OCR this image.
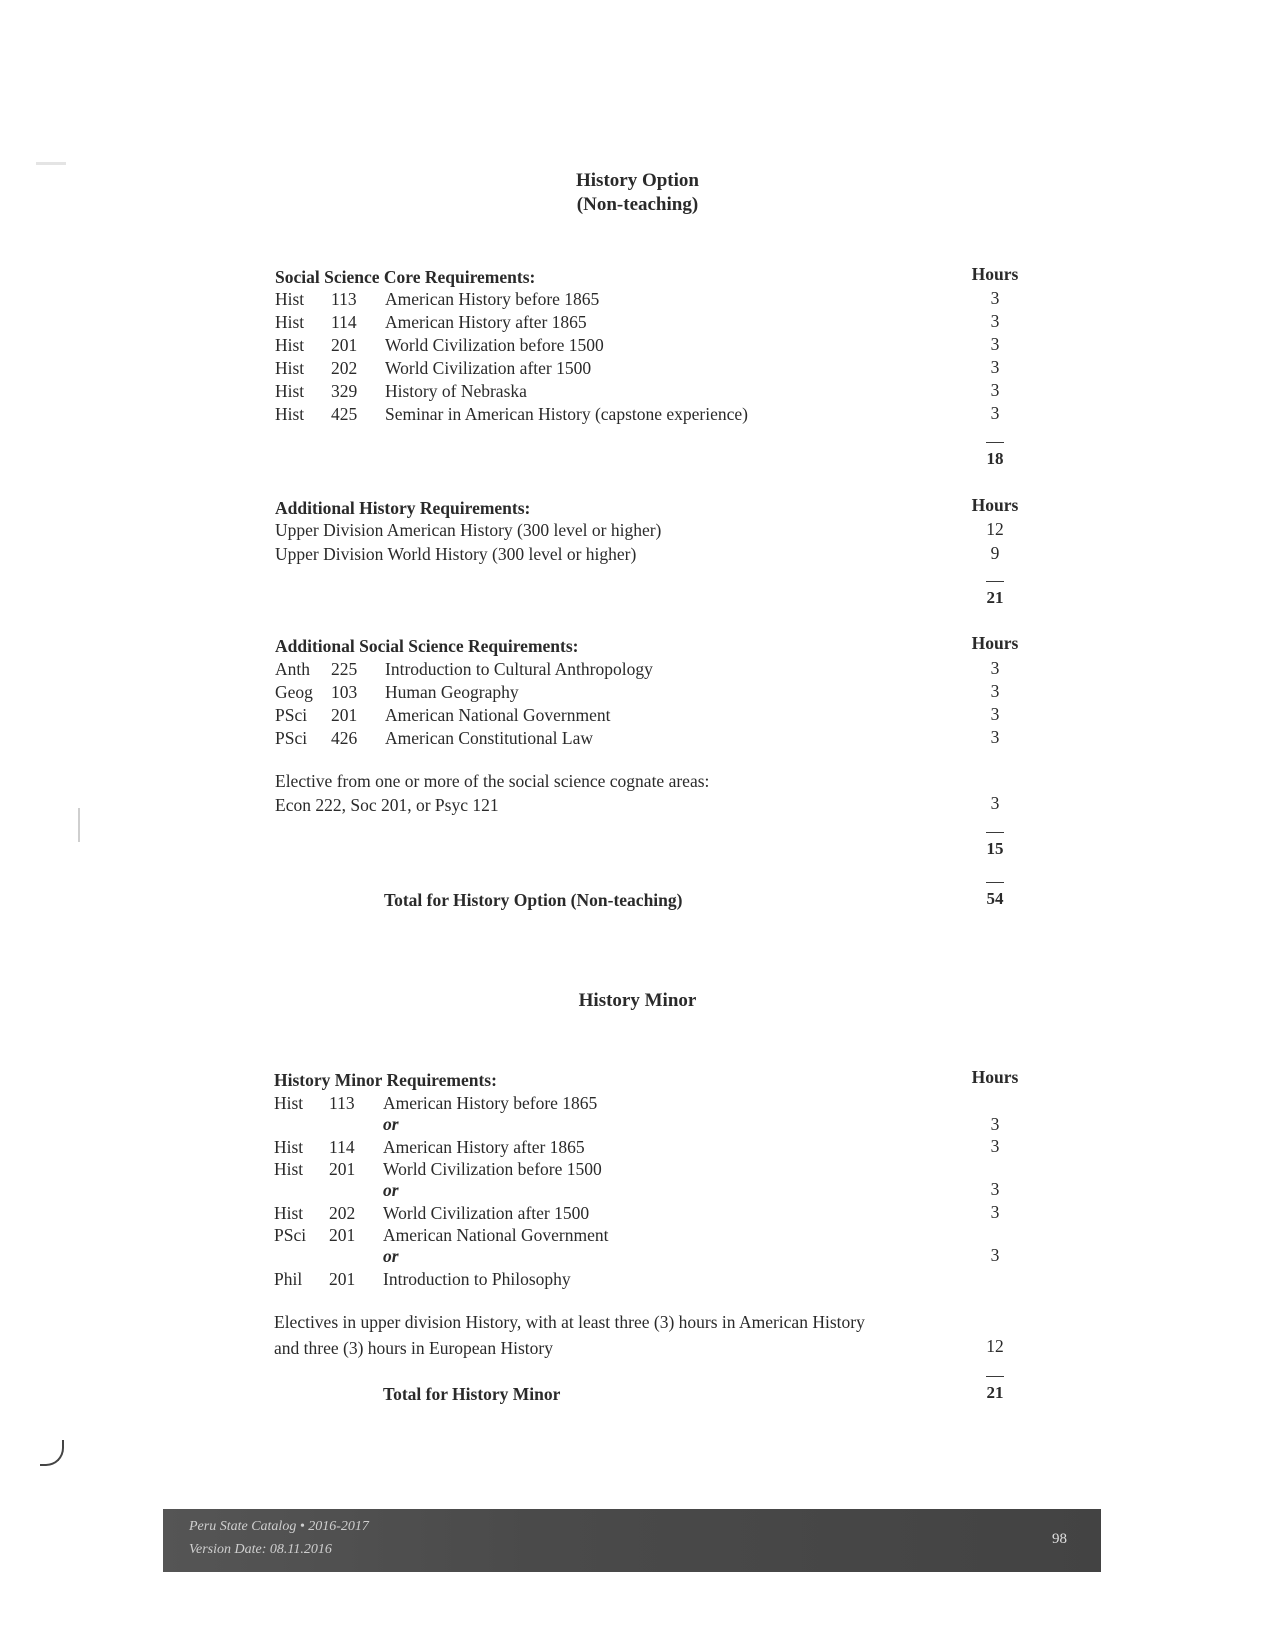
History Option
(Non-teaching)
Social Science Core Requirements:	Hours
Hist 113 American History before 1865	3
Hist 114 American History after 1865	3
Hist 201 World Civilization before 1500	3
Hist 202 World Civilization after 1500	3
Hist 329 History of Nebraska	3
Hist 425 Seminar in American History (capstone experience)	3
18
Additional History Requirements:	Hours
Upper Division American History (300 level or higher)	12
Upper Division World History (300 level or higher)	9
21
Additional Social Science Requirements:	Hours
Anth 225 Introduction to Cultural Anthropology	3
Geog 103 Human Geography	3
PSci 201 American National Government	3
PSci 426 American Constitutional Law	3
Elective from one or more of the social science cognate areas:
Econ 222, Soc 201, or Psyc 121	3
15
Total for History Option (Non-teaching)	54
History Minor
History Minor Requirements:	Hours
Hist 113 American History before 1865
or	3
Hist 114 American History after 1865	3
Hist 201 World Civilization before 1500
or	3
Hist 202 World Civilization after 1500	3
PSci 201 American National Government
or	3
Phil 201 Introduction to Philosophy
Electives in upper division History, with at least three (3) hours in American History
and three (3) hours in European History	12
Total for History Minor	21
Peru State Catalog • 2016-2017
Version Date: 08.11.2016
98
